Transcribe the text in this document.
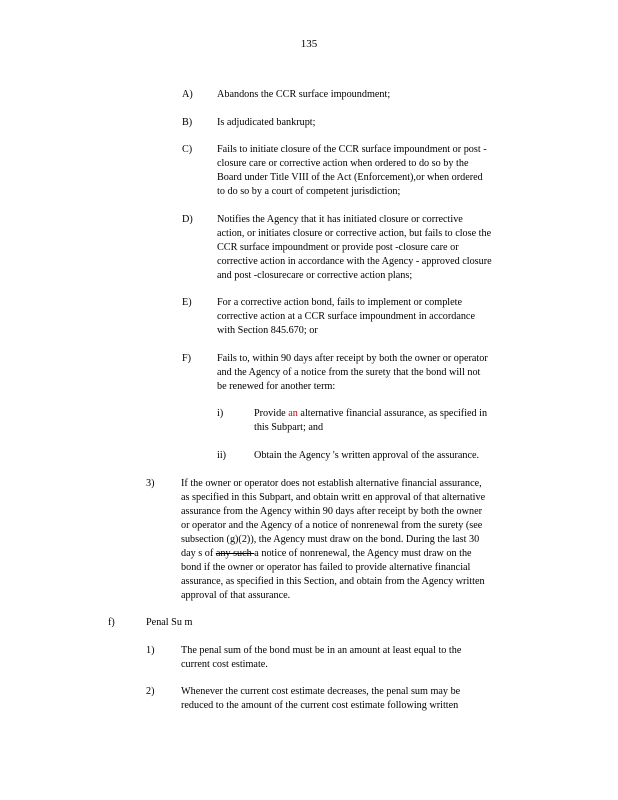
135
A) Abandons the CCR surface impoundment;
B) Is adjudicated bankrupt;
C) Fails to initiate closure of the CCR surface impoundment or post -
closure care or corrective action when ordered to do so by the
Board under Title VIII of the Act (Enforcement),or when ordered
to do so by a court of competent jurisdiction;
D) Notifies the Agency that it has initiated closure or corrective
action, or initiates closure or corrective action, but fails to close the
CCR surface impoundment or provide post -closure care or
corrective action in accordance with the Agency - approved closure
and post -closurecare or corrective action plans;
E) For a corrective action bond, fails to implement or complete
corrective action at a CCR surface impoundment in accordance
with Section 845.670; or
F)	Fails to, within 90 days after receipt by both the owner or operator
and the Agency of a notice from the surety that the bond will not
be renewed for another term:
i)	Provide an alternative financial assurance, as specified in
this Subpart; and
ii)	Obtain the Agency 's written approval of the assurance.
3)	If the owner or operator does not establish alternative financial assurance,
as specified in this Subpart, and obtain writt en approval of that alternative
assurance from the Agency within 90 days after receipt by both the owner
or operator and the Agency of a notice of nonrenewal from the surety (see
subsection (g)(2)), the Agency must draw on the bond. During the last 30
day s of any such a notice of nonrenewal, the Agency must draw on the
bond if the owner or operator has failed to provide alternative financial
assurance, as specified in this Section, and obtain from the Agency written
approval of that assurance.
f)	Penal Su m
1)	The penal sum of the bond must be in an amount at least equal to the
current cost estimate.
2)	Whenever the current cost estimate decreases, the penal sum may be
reduced to the amount of the current cost estimate following written
